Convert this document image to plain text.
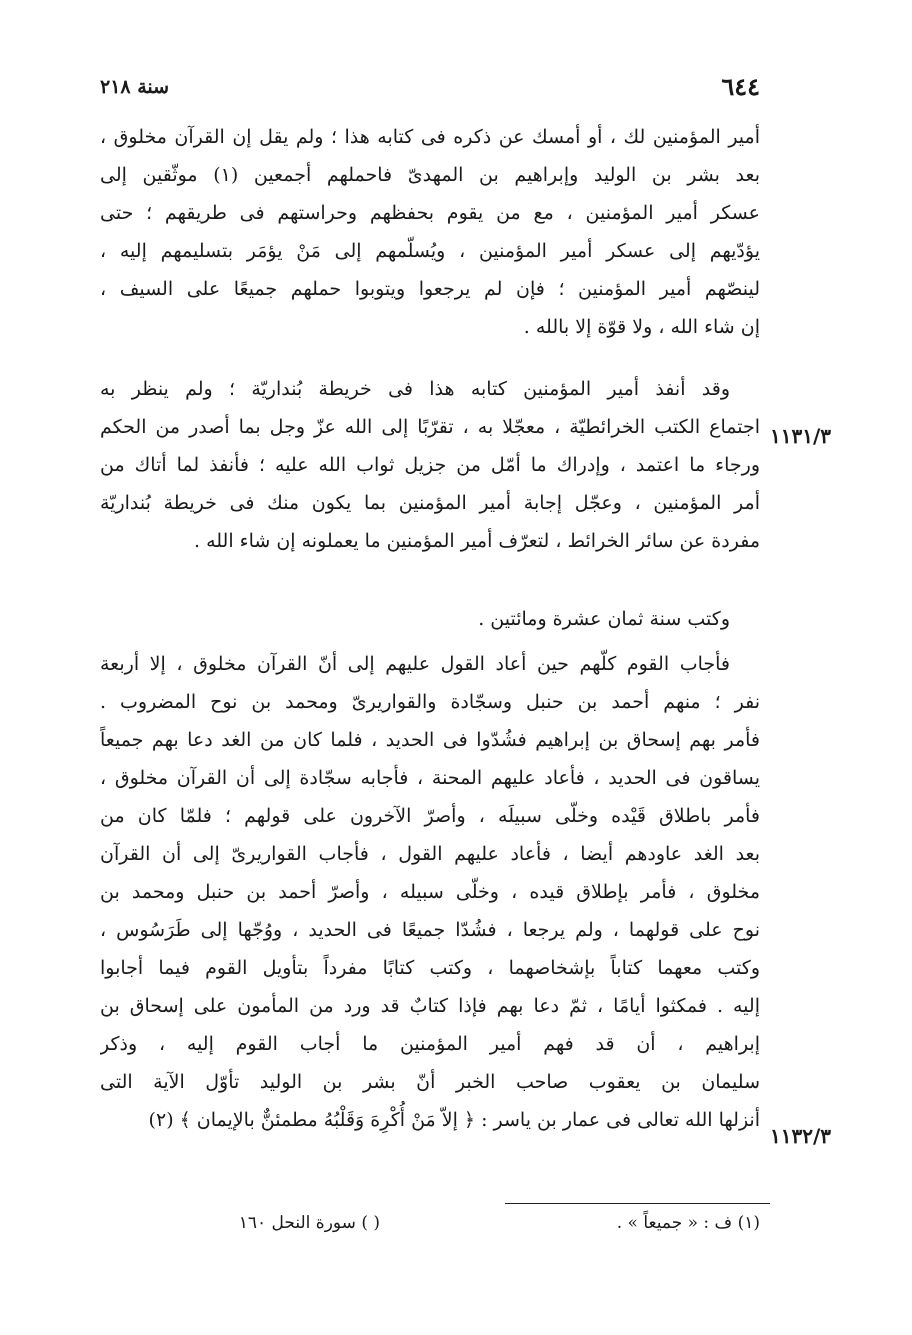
٦٤٤
سنة ٢١٨
أمير المؤمنين لك ، أو أمسك عن ذكره فى كتابه هذا ؛ ولم يقل إن القرآن مخلوق ،
بعد بشر بن الوليد وإبراهيم بن المهدىّ فاحملهم أجمعين (١) موثّقين إلى
عسكر أمير المؤمنين ، مع من يقوم بحفظهم وحراستهم فى طريقهم ؛ حتى
يؤدّيهم إلى عسكر أمير المؤمنين ، ويُسلّمهم إلى مَنْ يؤمَر بتسليمهم إليه ،
لينصّهم أمير المؤمنين ؛ فإن لم يرجعوا ويتوبوا حملهم جميعًا على السيف ،
إن شاء الله ، ولا قوّة إلا بالله .
وقد أنفذ أمير المؤمنين كتابه هذا فى خريطة بُنداريّة ؛ ولم ينظر به
اجتماع الكتب الخرائطيّة ، معجّلا به ، تقرّبًا إلى الله عزّ وجل بما أصدر من الحكم
ورجاء ما اعتمد ، وإدراك ما أمّل من جزيل ثواب الله عليه ؛ فأنفذ لما أتاك من
أمر المؤمنين ، وعجّل إجابة أمير المؤمنين بما يكون منك فى خريطة بُنداريّة
مفردة عن سائر الخرائط ، لتعرّف أمير المؤمنين ما يعملونه إن شاء الله .
وكتب سنة ثمان عشرة ومائتين .
فأجاب القوم كلّهم حين أعاد القول عليهم إلى أنّ القرآن مخلوق ، إلا أربعة
نفر ؛ منهم أحمد بن حنبل وسجّادة والقواريرىّ ومحمد بن نوح المضروب .
فأمر بهم إسحاق بن إبراهيم فشُدّوا فى الحديد ، فلما كان من الغد دعا بهم جميعاً
يساقون فى الحديد ، فأعاد عليهم المحنة ، فأجابه سجّادة إلى أن القرآن مخلوق ،
فأمر باطلاق قَيْده وخلّى سبيلَه ، وأصرّ الآخرون على قولهم ؛ فلمّا كان من
بعد الغد عاودهم أيضا ، فأعاد عليهم القول ، فأجاب القواريرىّ إلى أن القرآن
مخلوق ، فأمر بإطلاق قيده ، وخلّى سبيله ، وأصرّ أحمد بن حنبل ومحمد بن
نوح على قولهما ، ولم يرجعا ، فشُدّا جميعًا فى الحديد ، ووُجّها إلى طَرَسُوس ،
وكتب معهما كتاباً بإشخاصهما ، وكتب كتابًا مفرداً بتأويل القوم فيما أجابوا
إليه . فمكثوا أيامًا ، ثمّ دعا بهم فإذا كتابٌ قد ورد من المأمون على إسحاق بن
إبراهيم ، أن قد فهم أمير المؤمنين ما أجاب القوم إليه ، وذكر
سليمان بن يعقوب صاحب الخبر أنّ بشر بن الوليد تأوّل الآية التى
أنزلها الله تعالى فى عمار بن ياسر : ﴿ إلاّ مَنْ أُكْرِهَ وَقَلْبُهُ مطمئنٌّ بالإيمان ﴾ (٢)
١١٣١/٣
١١٣٢/٣
(١) ف : « جميعاً » .
( ) سورة النحل ١٦٠
